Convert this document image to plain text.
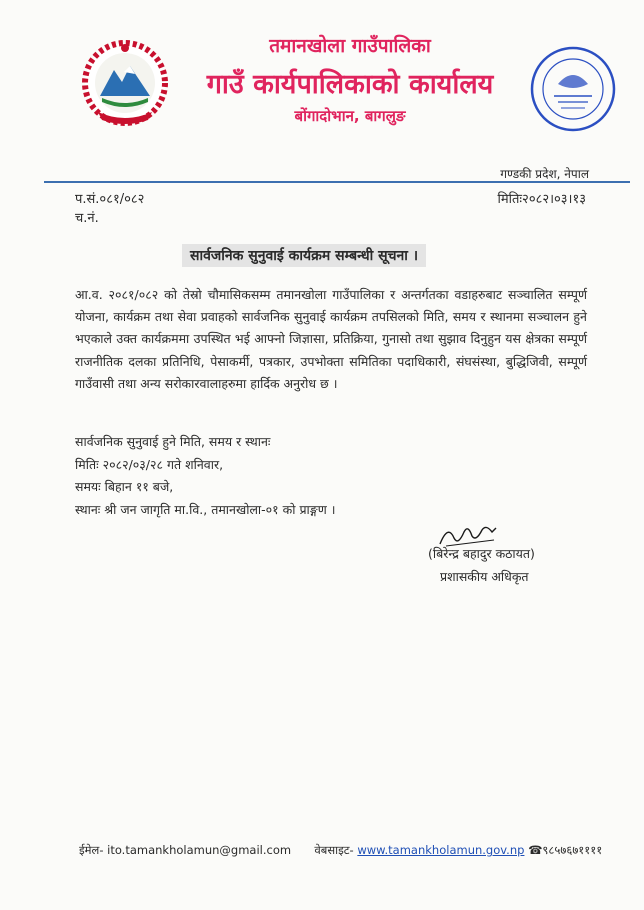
तमानखोला गाउँपालिका
गाउँ कार्यपालिकाको कार्यालय
बोंगादोभान, बागलुङ
गण्डकी प्रदेश, नेपाल
प.सं.०८१/०८२	मितिः२०८२।०३।१३
च.नं.
सार्वजनिक सुनुवाई कार्यक्रम सम्बन्धी सूचना ।
आ.व. २०८१/०८२ को तेस्रो चौमासिकसम्म तमानखोला गाउँपालिका र अन्तर्गतका वडाहरुबाट सञ्चालित सम्पूर्ण योजना, कार्यक्रम तथा सेवा प्रवाहको सार्वजनिक सुनुवाई कार्यक्रम तपसिलको मिति, समय र स्थानमा सञ्चालन हुने भएकाले उक्त कार्यक्रममा उपस्थित भई आफ्नो जिज्ञासा, प्रतिक्रिया, गुनासो तथा सुझाव दिनुहुन यस क्षेत्रका सम्पूर्ण राजनीतिक दलका प्रतिनिधि, पेसाकर्मी, पत्रकार, उपभोक्ता समितिका पदाधिकारी, संघसंस्था, बुद्धिजिवी, सम्पूर्ण गाउँवासी तथा अन्य सरोकारवालाहरुमा हार्दिक अनुरोध छ ।
सार्वजनिक सुनुवाई हुने मिति, समय र स्थानः
मितिः २०८२/०३/२८ गते शनिवार,
समयः बिहान ११ बजे,
स्थानः श्री जन जागृति मा.वि., तमानखोला-०१ को प्राङ्गण ।
(बिरेन्द्र बहादुर कठायत)
प्रशासकीय अधिकृत
ईमेल- ito.tamankholamun@gmail.com वेबसाइट- www.tamankholamun.gov.np ☎९८५७६७११११
